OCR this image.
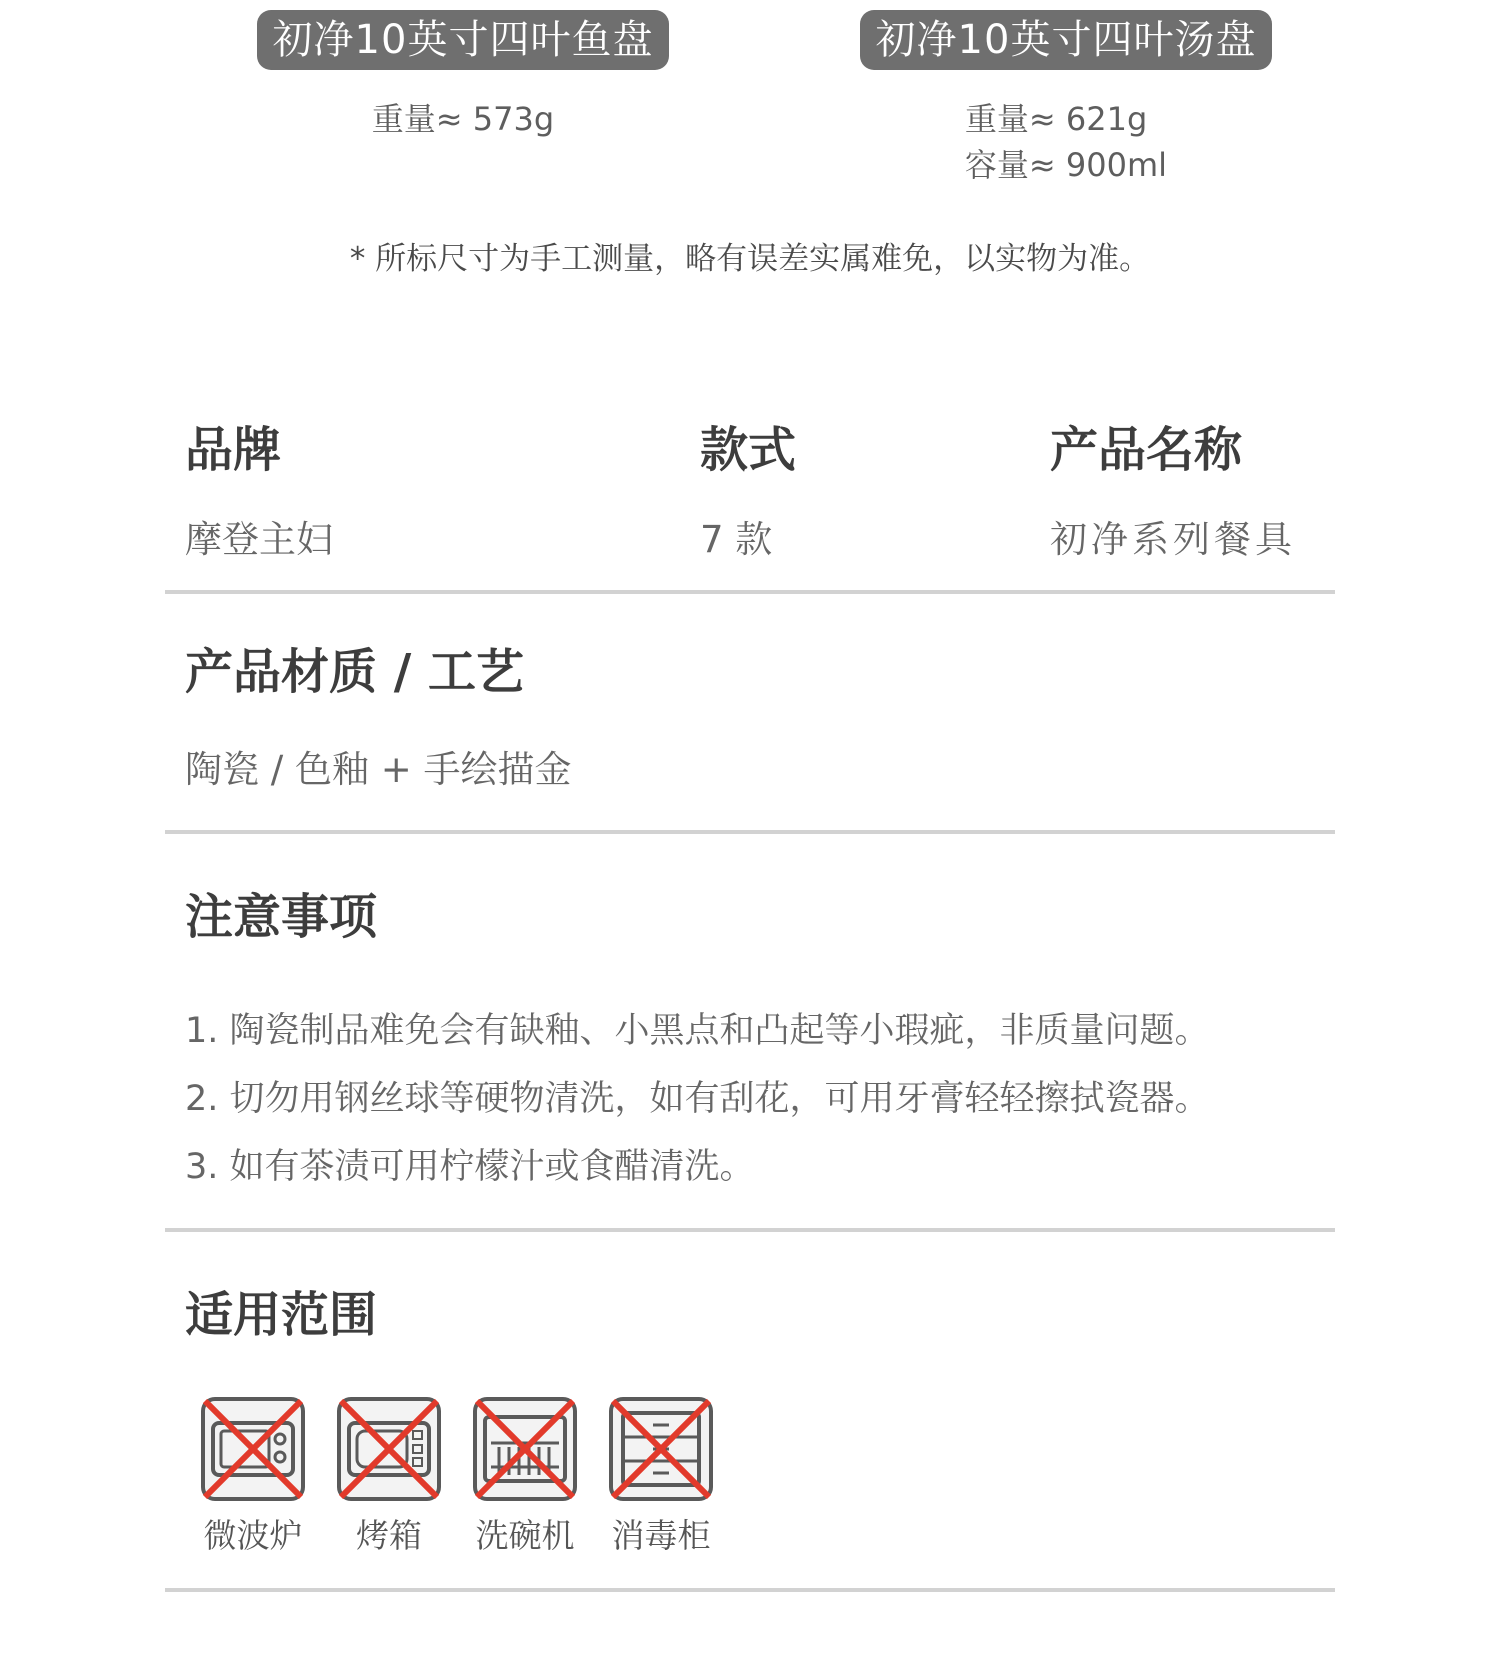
初净10英寸四叶鱼盘

重量≈ 573g
初净10英寸四叶汤盘

重量≈ 621g
容量≈ 900ml
* 所标尺寸为手工测量，略有误差实属难免，以实物为准。
品牌
摩登主妇
款式
7 款
产品名称
初净系列餐具
产品材质 / 工艺
陶瓷 / 色釉 + 手绘描金
注意事项
1. 陶瓷制品难免会有缺釉、小黑点和凸起等小瑕疵，非质量问题。
2. 切勿用钢丝球等硬物清洗，如有刮花，可用牙膏轻轻擦拭瓷器。
3. 如有茶渍可用柠檬汁或食醋清洗。
适用范围
微波炉	烤箱	洗碗机	消毒柜
